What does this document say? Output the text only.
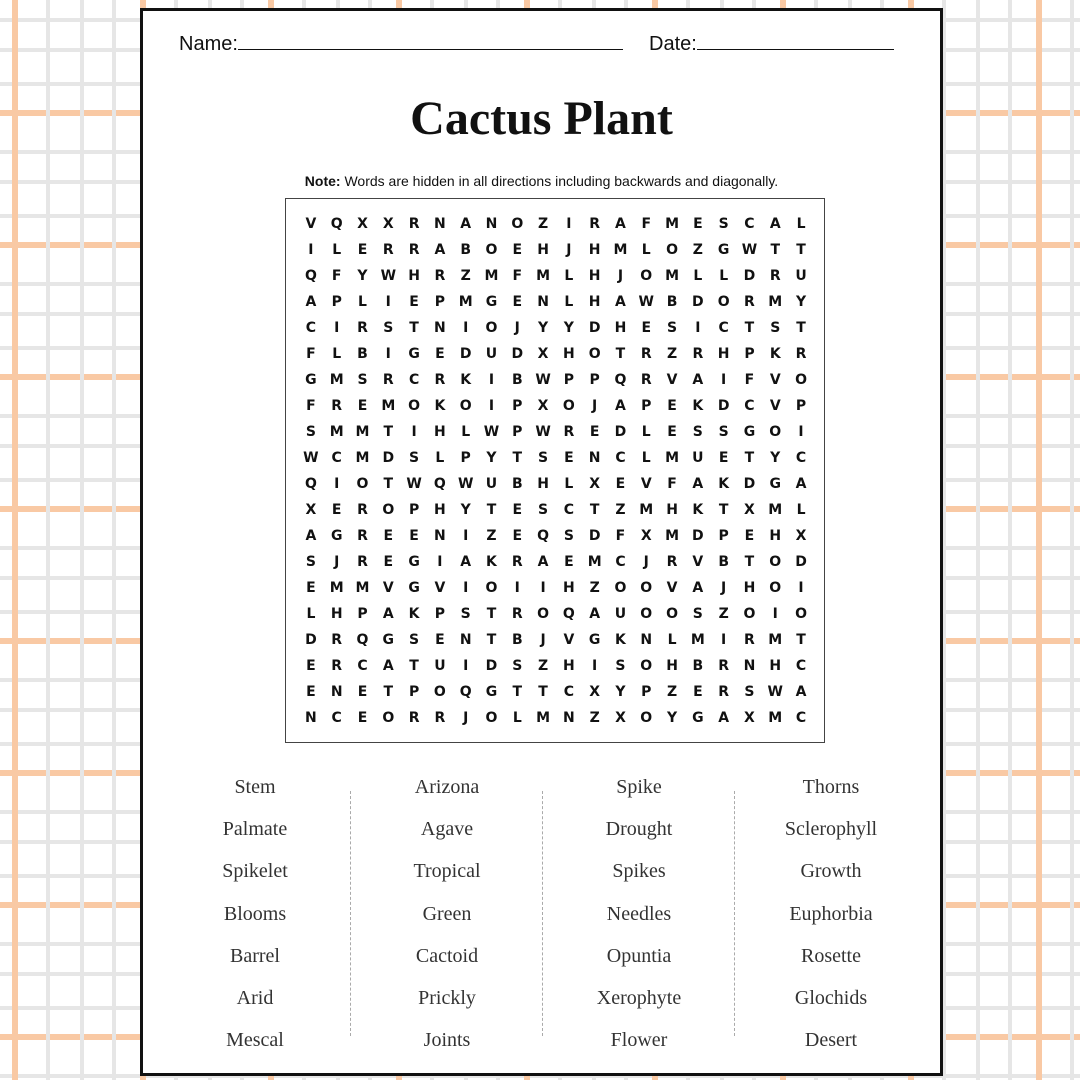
Name:	Date:
Cactus Plant
Note: Words are hidden in all directions including backwards and diagonally.
V	Q	X	X	R	N	A	N O	Z	I	R	A	F	M	E	S	C	A	L
I	L	E	R	R	A	B	O	E	H	J	H M	L	O	Z	G W T	T
Q	F	Y W H	R	Z M	F	M	L	H	J	O M	L	L	D	R	U
A	P	L	I	E	P M G	E	N	L	H	A W B	D	O	R M Y
C	I	R	S	T	N	I	O	J	Y	Y	D	H	E	S	I	C	T	S	T
F	L	B	I	G	E	D	U	D	X	H O	T	R	Z	R	H	P	K	R
G M S	R	C	R	K	I	B W P	P	Q	R	V	A	I	F	V	O
F	R	E	M O	K	O	I	P	X	O	J	A	P	E	K	D	C	V	P
S M M	T	I	H	L W P W R	E	D	L	E	S	S	G	O	I
W C M D	S	L	P	Y	T	S	E	N	C	L	M U	E	T	Y	C
Q	I	O	T W Q W U	B	H	L	X	E	V	F	A	K	D	G	A
X	E	R	O	P	H	Y	T	E	S	C	T	Z M H	K	T	X M	L
A	G	R	E	E	N	I	Z	E	Q	S	D	F	X M D	P	E	H	X
S	J	R	E	G	I	A	K	R	A	E	M C	J	R	V	B	T	O	D
E	M M V	G	V	I	O	I	I	H	Z	O O	V	A	J	H O	I
L	H	P	A	K	P	S	T	R	O Q	A	U	O O	S	Z	O	I	O
D	R	Q	G	S	E	N	T	B	J	V	G	K	N	L	M	I	R M	T
E	R	C	A	T	U	I	D	S	Z	H	I	S	O H	B	R	N	H	C
E	N	E	T	P	O Q	G	T	T	C	X	Y	P	Z	E	R	S W A
N	C	E	O	R	R	J	O	L	M N	Z	X	O	Y	G	A	X M C
Stem
Palmate
Spikelet
Blooms
Barrel
Arid
Mescal
Arizona
Agave
Tropical
Green
Cactoid
Prickly
Joints
Spike
Drought
Spikes
Needles
Opuntia
Xerophyte
Flower
Thorns
Sclerophyll
Growth
Euphorbia
Rosette
Glochids
Desert
